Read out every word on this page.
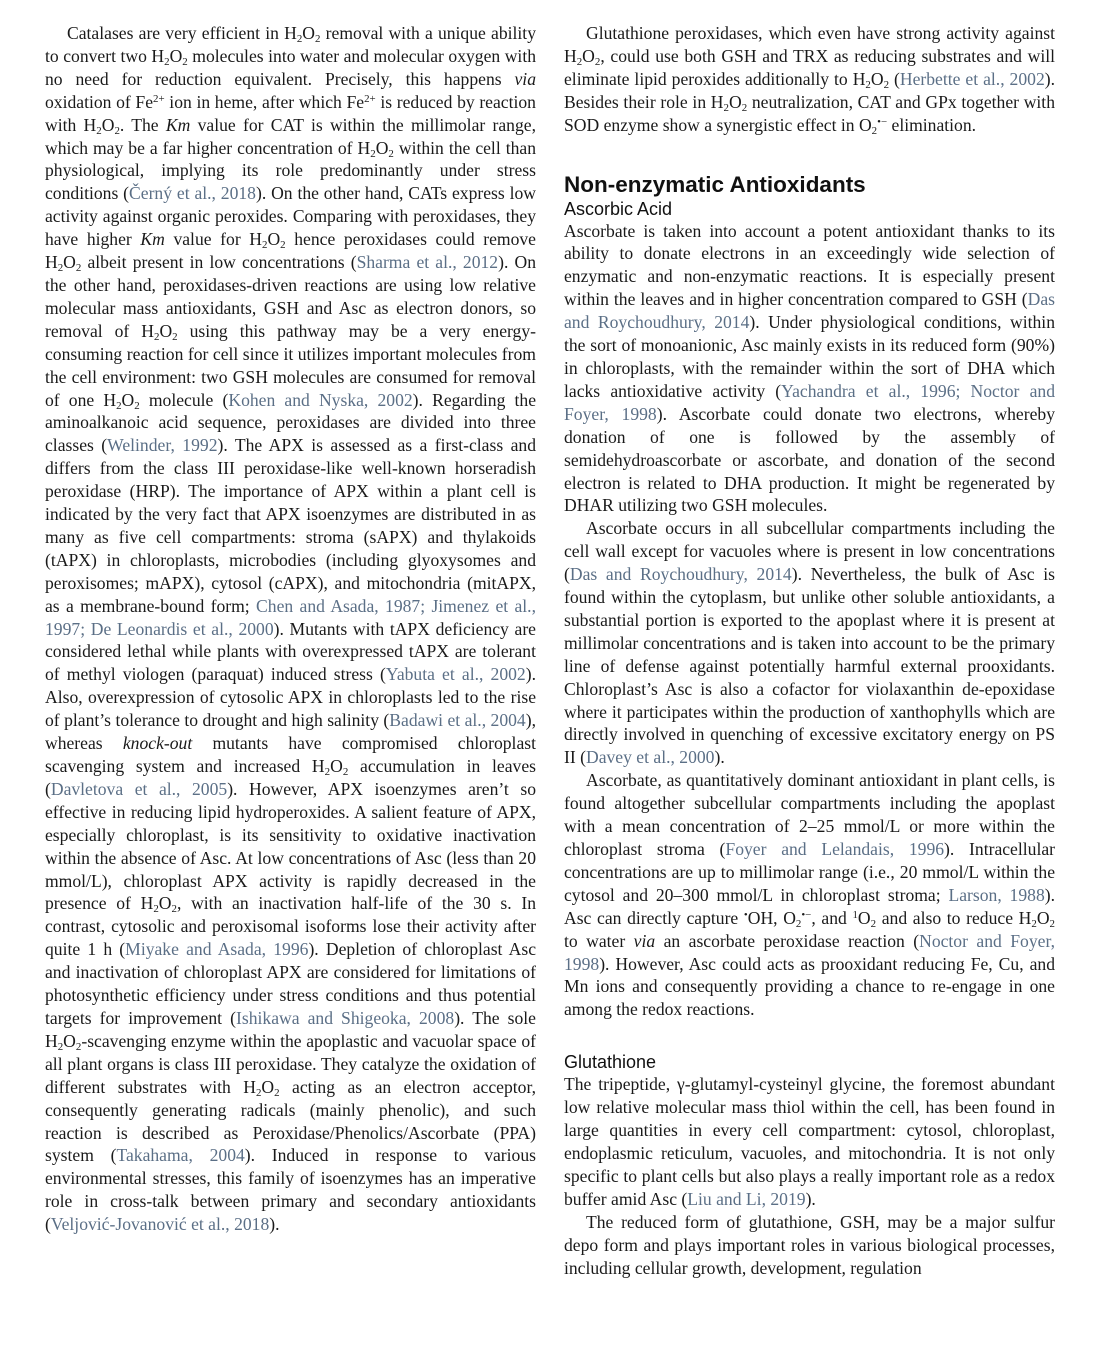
Catalases are very efficient in $H_2O_2$ removal with a unique ability to convert two $H_2O_2$ molecules into water and molecular oxygen with no need for reduction equivalent. Precisely, this happens via oxidation of $Fe^{2+}$ ion in heme, after which $Fe^{2+}$ is reduced by reaction with $H_2O_2$. The Km value for CAT is within the millimolar range, which may be a far higher concentration of $H_2O_2$ within the cell than physiological, implying its role predominantly under stress conditions (Černý et al., 2018). On the other hand, CATs express low activity against organic peroxides. Comparing with peroxidases, they have higher Km value for $H_2O_2$ hence peroxidases could remove $H_2O_2$ albeit present in low concentrations (Sharma et al., 2012). On the other hand, peroxidases-driven reactions are using low relative molecular mass antioxidants, GSH and Asc as electron donors, so removal of $H_2O_2$ using this pathway may be a very energy-consuming reaction for cell since it utilizes important molecules from the cell environment: two GSH molecules are consumed for removal of one $H_2O_2$ molecule (Kohen and Nyska, 2002). Regarding the aminoalkanoic acid sequence, peroxidases are divided into three classes (Welinder, 1992). The APX is assessed as a first-class and differs from the class III peroxidase-like well-known horseradish peroxidase (HRP). The importance of APX within a plant cell is indicated by the very fact that APX isoenzymes are distributed in as many as five cell compartments: stroma (sAPX) and thylakoids (tAPX) in chloroplasts, microbodies (including glyoxysomes and peroxisomes; mAPX), cytosol (cAPX), and mitochondria (mitAPX, as a membrane-bound form; Chen and Asada, 1987; Jimenez et al., 1997; De Leonardis et al., 2000). Mutants with tAPX deficiency are considered lethal while plants with overexpressed tAPX are tolerant of methyl viologen (paraquat) induced stress (Yabuta et al., 2002). Also, overexpression of cytosolic APX in chloroplasts led to the rise of plant’s tolerance to drought and high salinity (Badawi et al., 2004), whereas knock-out mutants have compromised chloroplast scavenging system and increased $H_2O_2$ accumulation in leaves (Davletova et al., 2005). However, APX isoenzymes aren’t so effective in reducing lipid hydroperoxides. A salient feature of APX, especially chloroplast, is its sensitivity to oxidative inactivation within the absence of Asc. At low concentrations of Asc (less than 20 mmol/L), chloroplast APX activity is rapidly decreased in the presence of $H_2O_2$, with an inactivation half-life of the 30 s. In contrast, cytosolic and peroxisomal isoforms lose their activity after quite 1 h (Miyake and Asada, 1996). Depletion of chloroplast Asc and inactivation of chloroplast APX are considered for limitations of photosynthetic efficiency under stress conditions and thus potential targets for improvement (Ishikawa and Shigeoka, 2008). The sole $H_2O_2$-scavenging enzyme within the apoplastic and vacuolar space of all plant organs is class III peroxidase. They catalyze the oxidation of different substrates with $H_2O_2$ acting as an electron acceptor, consequently generating radicals (mainly phenolic), and such reaction is described as Peroxidase/Phenolics/Ascorbate (PPA) system (Takahama, 2004). Induced in response to various environmental stresses, this family of isoenzymes has an imperative role in cross-talk between primary and secondary antioxidants (Veljović-Jovanović et al., 2018).

Glutathione peroxidases, which even have strong activity against $H_2O_2$, could use both GSH and TRX as reducing substrates and will eliminate lipid peroxides additionally to $H_2O_2$ (Herbette et al., 2002). Besides their role in $H_2O_2$ neutralization, CAT and GPx together with SOD enzyme show a synergistic effect in $O_2^{•-}$ elimination.

Non-enzymatic Antioxidants
Ascorbic Acid

Ascorbate is taken into account a potent antioxidant thanks to its ability to donate electrons in an exceedingly wide selection of enzymatic and non-enzymatic reactions. It is especially present within the leaves and in higher concentration compared to GSH (Das and Roychoudhury, 2014). Under physiological conditions, within the sort of monoanionic, Asc mainly exists in its reduced form (90%) in chloroplasts, with the remainder within the sort of DHA which lacks antioxidative activity (Yachandra et al., 1996; Noctor and Foyer, 1998). Ascorbate could donate two electrons, whereby donation of one is followed by the assembly of semidehydroascorbate or ascorbate, and donation of the second electron is related to DHA production. It might be regenerated by DHAR utilizing two GSH molecules.

Ascorbate occurs in all subcellular compartments including the cell wall except for vacuoles where is present in low concentrations (Das and Roychoudhury, 2014). Nevertheless, the bulk of Asc is found within the cytoplasm, but unlike other soluble antioxidants, a substantial portion is exported to the apoplast where it is present at millimolar concentrations and is taken into account to be the primary line of defense against potentially harmful external prooxidants. Chloroplast’s Asc is also a cofactor for violaxanthin de-epoxidase where it participates within the production of xanthophylls which are directly involved in quenching of excessive excitatory energy on PS II (Davey et al., 2000).

Ascorbate, as quantitatively dominant antioxidant in plant cells, is found altogether subcellular compartments including the apoplast with a mean concentration of 2–25 mmol/L or more within the chloroplast stroma (Foyer and Lelandais, 1996). Intracellular concentrations are up to millimolar range (i.e., 20 mmol/L within the cytosol and 20–300 mmol/L in chloroplast stroma; Larson, 1988). Asc can directly capture •OH, $O_2^{•-}$, and $^1O_2$ and also to reduce $H_2O_2$ to water via an ascorbate peroxidase reaction (Noctor and Foyer, 1998). However, Asc could acts as prooxidant reducing Fe, Cu, and Mn ions and consequently providing a chance to re-engage in one among the redox reactions.

Glutathione

The tripeptide, γ-glutamyl-cysteinyl glycine, the foremost abundant low relative molecular mass thiol within the cell, has been found in large quantities in every cell compartment: cytosol, chloroplast, endoplasmic reticulum, vacuoles, and mitochondria. It is not only specific to plant cells but also plays a really important role as a redox buffer amid Asc (Liu and Li, 2019).

The reduced form of glutathione, GSH, may be a major sulfur depo form and plays important roles in various biological processes, including cellular growth, development, regulation
